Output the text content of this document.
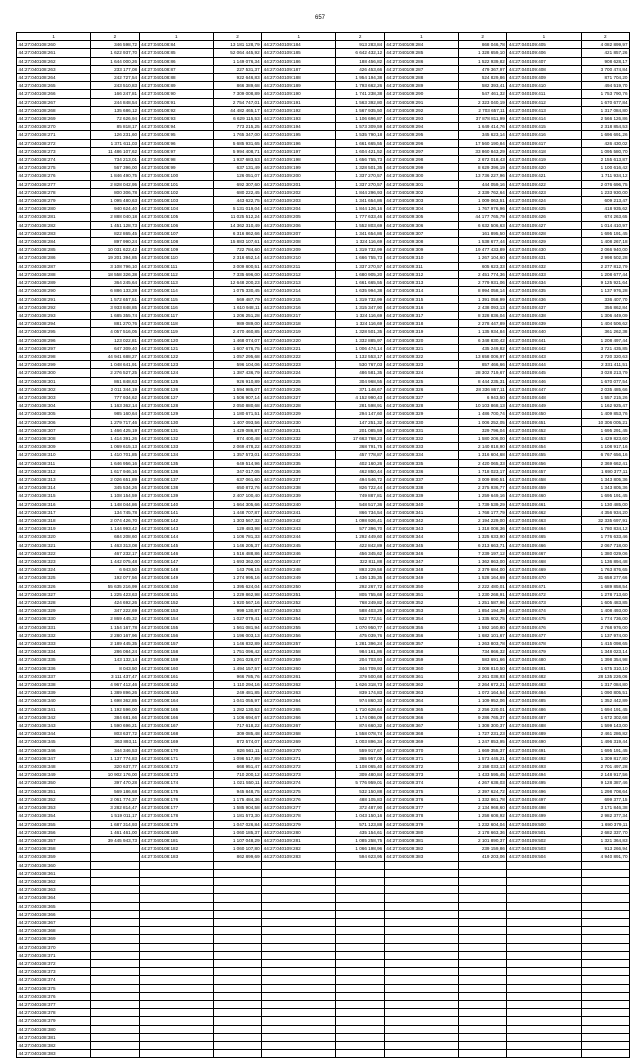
657
1	2	1	2	1	2	1	2	1	2
44:27:040108:260	346 598,72	44:27:040108:84	13 181 128,79	44:27:040109:184	913 283,84	44:27:040109:284	868 046,78	44:27:040109:405	4 082 899,97
44:27:040108:261	1 622 937,70	44:27:040108:85	52 064 445,92	44:27:040109:185	6 642 432,12	44:27:040109:285	1 328 659,10	44:27:040109:406	421 857,26
44:27:040108:262	1 644 000,26	44:27:040108:86	1 149 076,34	44:27:040109:186	188 456,82	44:27:040109:286	1 522 939,82	44:27:040109:407	908 628,17
44:27:040108:263	233 177,08	44:27:040108:87	227 531,37	44:27:040109:187	426 453,66	44:27:040109:287	479 367,97	44:27:040109:408	3 700 474,84
44:27:040108:264	242 727,54	44:27:040108:88	922 646,83	44:27:040109:188	1 954 194,38	44:27:040109:288	524 829,86	44:27:040109:409	871 704,20
44:27:040108:265	243 510,83	44:27:040108:89	866 389,68	44:27:040109:189	1 793 662,26	44:27:040109:289	582 393,41	44:27:040109:410	494 519,70
44:27:040108:266	166 247,81	44:27:040108:90	7 309 008,89	44:27:040109:190	1 741 238,38	44:27:040109:290	547 461,32	44:27:040109:411	1 753 790,76
44:27:040108:267	244 848,54	44:27:040108:91	2 754 747,01	44:27:040109:191	1 563 392,80	44:27:040109:291	2 323 040,19	44:27:040109:412	1 670 677,84
44:27:040108:268	135 686,12	44:27:040108:92	44 482 465,17	44:27:040109:192	1 567 935,50	44:27:040109:292	2 703 657,11	44:27:040109:413	1 317 084,80
44:27:040108:269	72 626,94	44:27:040108:93	6 629 115,53	44:27:040109:193	1 106 696,87	44:27:040109:293	37 878 811,99	44:27:040109:414	2 566 126,86
44:27:040108:270	85 818,17	44:27:040108:94	773 215,25	44:27:040109:194	1 573 309,59	44:27:040109:294	1 649 414,76	44:27:040109:415	2 318 854,53
44:27:040108:271	126 231,60	44:27:040108:95	1 765 347,00	44:27:040109:195	1 535 790,18	44:27:040109:295	345 623,14	44:27:040109:416	1 696 691,26
44:27:040108:272	1 371 611,03	44:27:040108:96	5 685 931,65	44:27:040109:196	1 661 665,55	44:27:040109:296	17 560 190,84	44:27:040109:417	426 430,02
44:27:040108:273	11 486 107,62	44:27:040108:97	5 994 408,71	44:27:040109:197	1 604 421,52	44:27:040109:297	33 860 843,29	44:27:040109:418	1 095 580,70
44:27:040108:274	734 213,01	44:27:040108:98	1 937 683,53	44:27:040109:198	1 656 755,73	44:27:040109:298	2 672 018,43	44:27:040109:419	2 155 613,87
44:27:040108:275	567 396,00	44:27:040108:99	637 131,49	44:27:040109:199	1 328 501,35	44:27:040109:299	8 629 396,19	44:27:040109:420	1 100 616,42
44:27:040108:276	1 846 490,75	44:27:040108:100	126 051,07	44:27:040109:200	1 337 270,57	44:27:040109:300	13 736 227,96	44:27:040109:421	1 711 934,12
44:27:040108:277	2 828 042,95	44:27:040108:101	692 307,60	44:27:040109:201	1 337 270,57	44:27:040109:301	444 059,16	44:27:040109:422	2 076 696,75
44:27:040108:278	800 306,78	44:27:040108:102	680 222,45	44:27:040109:202	1 844 296,93	44:27:040109:302	2 339 762,64	44:27:040109:423	1 233 930,00
44:27:040108:279	1 095 480,63	44:27:040108:103	443 622,75	44:27:040109:203	1 341 654,86	44:27:040109:303	1 009 063,51	44:27:040109:424	609 213,47
44:27:040108:280	940 624,40	44:27:040108:104	5 131 019,04	44:27:040109:204	1 844 126,16	44:27:040109:304	1 767 976,96	44:27:040109:425	418 935,62
44:27:040108:281	2 888 040,18	44:27:040108:105	11 025 512,24	44:27:040109:205	1 777 633,46	44:27:040109:305	44 177 765,79	44:27:040109:426	674 263,65
44:27:040108:282	1 451 128,73	44:27:040108:106	14 362 310,49	44:27:040109:206	1 552 803,69	44:27:040109:306	6 632 506,63	44:27:040109:427	1 014 410,97
44:27:040108:283	822 865,45	44:27:040108:107	6 316 862,66	44:27:040109:207	1 341 654,86	44:27:040109:307	161 895,50	44:27:040109:428	1 695 191,45
44:27:040108:284	897 990,24	44:27:040108:108	15 883 107,61	44:27:040109:208	1 324 116,69	44:27:040109:308	1 538 677,44	44:27:040109:429	1 408 267,18
44:27:040108:285	10 031 622,42	44:27:040108:109	722 784,60	44:27:040109:209	1 319 732,99	44:27:040109:309	19 477 433,89	44:27:040109:430	2 066 940,00
44:27:040108:286	19 201 394,85	44:27:040108:110	2 316 652,14	44:27:040109:210	1 666 755,73	44:27:040109:310	1 267 104,60	44:27:040109:431	2 998 502,28
44:27:040108:287	3 108 796,10	44:27:040108:111	3 009 800,51	44:27:040109:211	1 337 270,57	44:27:040109:311	605 623,33	44:27:040109:432	2 277 812,79
44:27:040108:288	18 558 326,38	44:27:040108:112	7 335 696,00	44:27:040109:212	1 680 905,20	44:27:040109:312	2 451 774,36	44:27:040109:433	1 208 677,44
44:27:040108:289	364 245,64	44:27:040108:113	12 648 200,23	44:27:040109:213	1 661 665,55	44:27:040109:313	2 779 931,06	44:27:040109:434	9 125 921,64
44:27:040108:290	6 886 133,28	44:27:040108:114	1 075 330,45	44:27:040109:214	1 635 994,38	44:27:040109:314	8 994 058,14	44:27:040109:435	1 137 976,28
44:27:040108:291	1 572 657,51	44:27:040108:115	569 487,79	44:27:040109:215	1 319 732,99	44:27:040109:315	1 391 058,99	44:27:040109:436	336 407,70
44:27:040108:292	3 933 848,85	44:27:040108:116	1 610 948,11	44:27:040109:216	1 315 347,90	44:27:040109:316	2 438 093,13	44:27:040109:437	356 862,84
44:27:040108:293	1 685 355,74	44:27:040108:117	1 206 251,28	44:27:040109:217	1 324 116,69	44:27:040109:317	8 328 836,04	44:27:040109:438	1 306 449,09
44:27:040108:294	881 270,76	44:27:040108:118	989 089,00	44:27:040109:218	1 324 116,69	44:27:040109:318	2 278 447,89	44:27:040109:439	1 404 506,62
44:27:040108:295	4 057 516,05	44:27:040108:119	2 470 460,85	44:27:040109:219	1 328 501,35	44:27:040109:319	1 135 934,84	44:27:040109:440	361 262,38
44:27:040108:296	123 022,81	44:27:040108:120	1 468 074,07	44:27:040109:220	1 332 885,97	44:27:040109:320	6 348 830,42	44:27:040109:441	1 208 497,44
44:27:040108:297	647 309,40	44:27:040108:121	1 607 676,75	44:27:040109:221	1 006 474,14	44:27:040109:321	435 249,82	44:27:040109:442	3 721 435,85
44:27:040108:298	44 941 688,27	44:27:040108:122	1 057 295,68	44:27:040109:222	1 132 553,17	44:27:040109:322	13 658 006,97	44:27:040109:443	2 720 320,63
44:27:040108:299	1 048 641,91	44:27:040108:123	596 104,06	44:27:040109:223	530 767,03	44:27:040109:323	857 466,66	44:27:040109:444	2 331 411,51
44:27:040108:300	2 276 527,25	44:27:040108:124	1 387 436,79	44:27:040109:224	486 581,35	44:27:040109:324	28 302 719,67	44:27:040109:445	3 028 213,79
44:27:040108:301	861 848,63	44:27:040108:125	926 910,89	44:27:040109:225	304 968,55	44:27:040109:325	8 444 235,31	44:27:040109:446	1 670 077,54
44:27:040108:302	2 011 344,19	44:27:040108:126	1 594 985,07	44:27:040109:226	371 148,67	44:27:040109:326	28 336 867,11	44:27:040109:447	2 035 485,66
44:27:040108:303	777 934,62	44:27:040108:127	1 506 907,14	44:27:040109:227	4 152 990,43	44:27:040109:327	6 943,50	44:27:040109:448	1 557 215,26
44:27:040108:304	1 163 362,14	44:27:040108:128	2 050 880,68	44:27:040109:228	281 598,91	44:27:040109:328	10 103 868,13	44:27:040109:449	1 162 925,47
44:27:040108:305	985 160,64	44:27:040108:129	1 180 671,51	44:27:040109:229	294 147,60	44:27:040109:329	1 486 700,74	44:27:040109:450	1 409 853,76
44:27:040108:306	1 279 717,46	44:27:040108:130	1 407 093,56	44:27:040109:230	147 251,32	44:27:040109:330	1 006 252,05	44:27:040109:451	10 306 005,21
44:27:040108:307	1 466 425,19	44:27:040108:131	1 429 086,87	44:27:040109:231	201 085,59	44:27:040109:331	329 796,04	44:27:040109:452	1 695 291,45
44:27:040108:308	1 414 391,26	44:27:040108:132	874 400,48	44:27:040109:232	17 663 768,23	44:27:040109:332	1 580 206,00	44:27:040109:453	1 429 823,60
44:27:040108:309	1 069 615,13	44:27:040108:133	2 069 478,22	44:27:040109:233	368 791,75	44:27:040109:333	2 140 818,90	44:27:040109:454	1 108 917,16
44:27:040108:310	1 410 701,85	44:27:040108:134	1 357 573,01	44:27:040109:234	457 778,87	44:27:040109:334	1 316 604,68	44:27:040109:455	6 767 656,16
44:27:040108:311	1 646 956,16	44:27:040108:135	649 514,96	44:27:040109:235	402 160,26	44:27:040109:335	2 420 065,33	44:27:040109:456	2 369 662,41
44:27:040108:312	1 617 946,16	44:27:040108:136	347 017,05	44:27:040109:236	462 850,44	44:27:040109:336	1 718 023,17	44:27:040109:457	1 690 377,11
44:27:040108:313	2 026 651,89	44:27:040108:137	637 061,60	44:27:040109:237	494 546,72	44:27:040109:337	3 009 890,51	44:27:040109:458	1 343 805,36
44:27:040108:314	345 534,26	44:27:040108:138	650 872,76	44:27:040109:238	826 722,44	44:27:040109:338	2 375 936,77	44:27:040109:459	1 343 805,36
44:27:040108:315	1 108 154,59	44:27:040108:139	2 407 100,40	44:27:040109:239	749 887,81	44:27:040109:339	1 259 649,16	44:27:040109:460	1 695 191,45
44:27:040108:316	1 148 044,86	44:27:040108:140	1 664 305,66	44:27:040109:240	548 517,36	44:27:040109:340	1 739 539,29	44:27:040109:461	1 130 485,00
44:27:040108:317	134 745,78	44:27:040108:141	1 448 707,87	44:27:040109:241	866 734,54	44:27:040109:341	1 768 177,79	44:27:040109:462	4 356 934,20
44:27:040108:318	2 074 426,70	44:27:040108:142	1 303 567,32	44:27:040109:242	1 098 926,41	44:27:040109:342	2 194 229,00	44:27:040109:463	32 335 697,91
44:27:040108:319	1 144 993,42	44:27:040108:143	129 483,98	44:27:040109:243	577 396,70	44:27:040109:343	1 318 008,36	44:27:040109:464	1 780 834,12
44:27:040108:320	684 208,60	44:27:040108:144	1 106 781,33	44:27:040109:244	1 292 449,60	44:27:040109:344	1 325 633,90	44:27:040109:465	1 776 633,46
44:27:040108:321	1 463 313,08	44:27:040108:145	1 146 205,37	44:27:040109:245	422 842,89	44:27:040109:345	6 213 663,71	44:27:040109:466	2 067 718,00
44:27:040108:322	467 232,17	44:27:040108:146	1 516 488,86	44:27:040109:246	456 345,62	44:27:040109:346	7 239 197,12	44:27:040109:467	1 380 029,06
44:27:040108:323	1 442 075,48	44:27:040108:147	1 693 362,00	44:27:040109:247	322 811,88	44:27:040109:347	1 362 863,00	44:27:040109:468	1 136 894,48
44:27:040108:324	6 943,50	44:27:040108:148	143 796,15	44:27:040109:248	893 229,58	44:27:040109:348	2 379 684,00	44:27:040109:469	1 763 876,65
44:27:040108:325	192 077,56	44:27:040108:149	1 274 995,16	44:27:040109:249	1 436 135,35	44:27:040109:349	1 528 164,69	44:27:040109:470	31 658 277,66
44:27:040108:326	55 635 216,99	44:27:040108:150	1 395 624,04	44:27:040109:250	292 267,72	44:27:040109:350	2 222 480,01	44:27:040109:471	1 689 858,54
44:27:040108:327	1 225 423,63	44:27:040108:151	1 229 862,98	44:27:040109:251	805 755,68	44:27:040109:351	1 230 268,91	44:27:040109:472	1 278 713,60
44:27:040108:328	424 692,26	44:27:040108:152	1 920 567,16	44:27:040109:252	768 249,82	44:27:040109:352	1 251 587,96	44:27:040109:473	1 605 483,85
44:27:040108:329	347 222,69	44:27:040108:153	999 130,87	44:27:040109:253	588 403,29	44:27:040109:353	1 854 194,38	44:27:040109:474	1 408 493,00
44:27:040108:330	2 869 445,32	44:27:040108:154	1 027 079,41	44:27:040109:254	522 772,51	44:27:040109:354	1 335 602,75	44:27:040109:475	1 774 736,00
44:27:040108:331	1 154 167,78	44:27:040108:155	1 561 081,94	44:27:040109:255	1 070 950,77	44:27:040109:355	1 592 160,80	44:27:040109:476	2 768 976,00
44:27:040108:332	2 280 167,96	44:27:040108:156	1 196 003,13	44:27:040109:256	475 039,76	44:27:040109:356	1 682 101,67	44:27:040109:477	1 137 974,00
44:27:040108:333	2 189 445,35	44:27:040108:157	1 146 832,89	44:27:040109:257	1 281 396,24	44:27:040109:357	1 263 803,78	44:27:040109:478	1 415 098,65
44:27:040108:334	286 084,24	44:27:040108:158	1 751 096,42	44:27:040109:258	984 161,86	44:27:040109:358	734 866,32	44:27:040109:479	1 348 023,14
44:27:040108:335	143 132,14	44:27:040108:159	1 261 028,07	44:27:040109:259	204 703,93	44:27:040109:359	583 691,66	44:27:040109:480	1 398 354,98
44:27:040108:336	8 043,50	44:27:040108:160	1 494 157,57	44:27:040109:260	344 709,93	44:27:040109:360	3 008 810,50	44:27:040109:481	1 675 310,10
44:27:040108:337	3 111 437,47	44:27:040108:161	966 785,76	44:27:040109:261	379 500,68	44:27:040109:361	2 261 038,93	44:27:040109:482	28 135 226,06
44:27:040108:338	4 967 412,46	44:27:040108:162	1 110 294,16	44:27:040109:262	1 626 318,73	44:27:040109:362	2 264 672,21	44:27:040109:483	1 317 084,80
44:27:040108:339	1 389 896,26	44:27:040108:163	249 481,85	44:27:040109:263	839 174,83	44:27:040109:363	1 072 164,54	44:27:040109:484	1 090 805,51
44:27:040108:340	1 698 362,85	44:27:040108:164	1 041 055,97	44:27:040109:264	974 860,33	44:27:040109:364	1 109 952,06	44:27:040109:485	1 352 442,89
44:27:040108:341	1 192 596,00	44:27:040108:165	1 282 130,52	44:27:040109:265	1 710 628,64	44:27:040109:365	2 256 220,01	44:27:040109:486	1 694 191,45
44:27:040108:342	384 681,66	44:27:040108:166	1 106 694,67	44:27:040109:266	1 174 086,09	44:27:040109:366	9 286 765,37	44:27:040109:487	1 672 302,68
44:27:040108:343	1 590 696,21	44:27:040108:167	717 618,22	44:27:040109:267	874 660,32	44:27:040109:367	1 308 300,37	44:27:040109:488	1 599 143,00
44:27:040108:344	803 637,72	44:27:040108:168	309 085,48	44:27:040109:268	1 558 078,74	44:27:040109:368	1 727 231,23	44:27:040109:489	2 461 286,82
44:27:040108:345	363 893,11	44:27:040108:169	872 574,07	44:27:040109:269	1 003 896,34	44:27:040109:369	1 247 853,95	44:27:040109:490	1 496 319,44
44:27:040108:346	344 346,53	44:27:040108:170	826 561,11	44:27:040109:270	559 917,67	44:27:040109:370	1 669 355,37	44:27:040109:491	1 695 191,45
44:27:040108:347	1 137 774,83	44:27:040108:171	1 096 517,89	44:27:040109:271	365 957,05	44:27:040109:371	1 573 445,21	44:27:040109:492	1 309 817,80
44:27:040108:348	320 637,77	44:27:040108:172	668 951,47	44:27:040109:272	1 108 065,40	44:27:040109:372	2 158 033,13	44:27:040109:493	2 701 497,28
44:27:040108:349	10 902 176,00	44:27:040108:173	710 200,12	44:27:040109:273	309 480,84	44:27:040109:373	1 433 595,45	44:27:040109:494	2 148 917,56
44:27:040108:350	397 470,28	44:27:040108:174	1 021 550,11	44:27:040109:274	5 776 959,01	44:27:040109:374	4 267 638,03	44:27:040109:495	9 128 387,46
44:27:040108:351	569 186,68	44:27:040108:175	945 848,75	44:27:040109:275	532 150,88	44:27:040109:375	2 397 624,72	44:27:040109:496	1 298 708,64
44:27:040108:352	2 061 774,37	44:27:040108:176	1 175 484,36	44:27:040109:276	488 105,83	44:27:040109:376	1 332 861,78	44:27:040109:497	699 377,15
44:27:040108:353	3 282 814,47	44:27:040108:177	1 585 904,58	44:27:040109:277	372 487,90	44:27:040109:377	2 134 968,60	44:27:040109:498	3 171 846,38
44:27:040108:354	1 519 011,17	44:27:040108:178	1 181 573,30	44:27:040109:278	1 043 150,16	44:27:040109:378	1 258 608,92	44:27:040109:499	2 982 377,34
44:27:040108:355	1 687 314,93	44:27:040108:179	1 047 026,84	44:27:040109:279	571 123,88	44:27:040109:379	1 232 604,04	44:27:040109:500	1 690 379,11
44:27:040108:356	1 461 461,00	44:27:040108:180	1 060 185,37	44:27:040109:280	435 154,61	44:27:040109:380	2 178 663,36	44:27:040109:501	2 682 337,70
44:27:040108:357	39 445 943,73	44:27:040108:181	1 107 048,29	44:27:040109:281	1 085 258,75	44:27:040109:381	2 101 890,37	44:27:040109:502	1 321 364,83
44:27:040108:358		44:27:040108:182	1 060 107,80	44:27:040109:282	1 066 198,96	44:27:040109:382	239 159,86	44:27:040109:503	913 266,94
44:27:040108:359		44:27:040108:183	862 899,69	44:27:040109:283	594 623,95	44:27:040109:383	419 203,06	44:27:040109:504	4 940 891,70
44:27:040108:360									
44:27:040108:361									
44:27:040108:362									
44:27:040108:363									
44:27:040108:364									
44:27:040108:365									
44:27:040108:366									
44:27:040108:367									
44:27:040108:368									
44:27:040108:369									
44:27:040108:370									
44:27:040108:371									
44:27:040108:372									
44:27:040108:373									
44:27:040108:374									
44:27:040108:375									
44:27:040108:376									
44:27:040108:377									
44:27:040108:378									
44:27:040108:379									
44:27:040108:380									
44:27:040108:381									
44:27:040108:382									
44:27:040108:383									
